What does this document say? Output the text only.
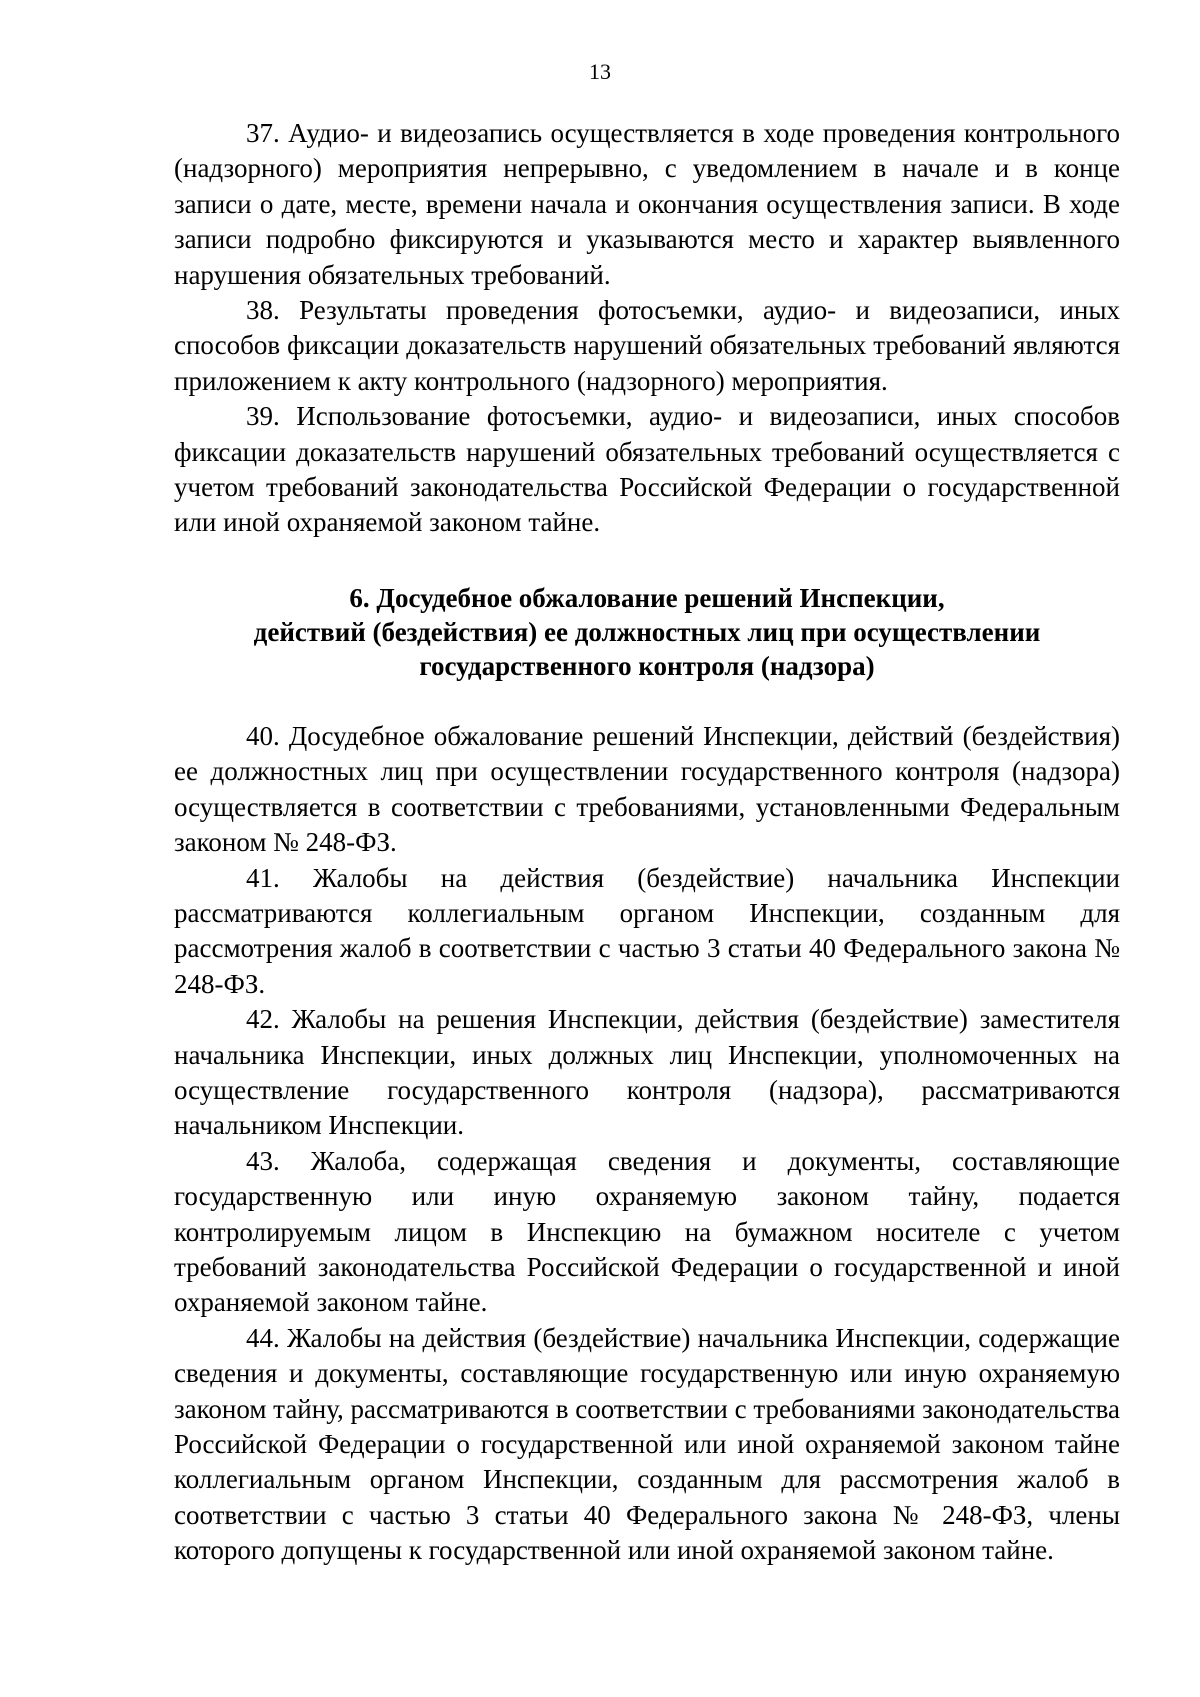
13

37. Аудио- и видеозапись осуществляется в ходе проведения контрольного (надзорного) мероприятия непрерывно, с уведомлением в начале и в конце записи о дате, месте, времени начала и окончания осуществления записи. В ходе записи подробно фиксируются и указываются место и характер выявленного нарушения обязательных требований.

38. Результаты проведения фотосъемки, аудио- и видеозаписи, иных способов фиксации доказательств нарушений обязательных требований являются приложением к акту контрольного (надзорного) мероприятия.

39. Использование фотосъемки, аудио- и видеозаписи, иных способов фиксации доказательств нарушений обязательных требований осуществляется с учетом требований законодательства Российской Федерации о государственной или иной охраняемой законом тайне.

6. Досудебное обжалование решений Инспекции,
действий (бездействия) ее должностных лиц при осуществлении
государственного контроля (надзора)

40. Досудебное обжалование решений Инспекции, действий (бездействия) ее должностных лиц при осуществлении государственного контроля (надзора) осуществляется в соответствии с требованиями, установленными Федеральным законом № 248-ФЗ.

41. Жалобы на действия (бездействие) начальника Инспекции рассматриваются коллегиальным органом Инспекции, созданным для рассмотрения жалоб в соответствии с частью 3 статьи 40 Федерального закона № 248-ФЗ.

42. Жалобы на решения Инспекции, действия (бездействие) заместителя начальника Инспекции, иных должных лиц Инспекции, уполномоченных на осуществление государственного контроля (надзора), рассматриваются начальником Инспекции.

43. Жалоба, содержащая сведения и документы, составляющие государственную или иную охраняемую законом тайну, подается контролируемым лицом в Инспекцию на бумажном носителе с учетом требований законодательства Российской Федерации о государственной и иной охраняемой законом тайне.

44. Жалобы на действия (бездействие) начальника Инспекции, содержащие сведения и документы, составляющие государственную или иную охраняемую законом тайну, рассматриваются в соответствии с требованиями законодательства Российской Федерации о государственной или иной охраняемой законом тайне коллегиальным органом Инспекции, созданным для рассмотрения жалоб в соответствии с частью 3 статьи 40 Федерального закона № 248-ФЗ, члены которого допущены к государственной или иной охраняемой законом тайне.
